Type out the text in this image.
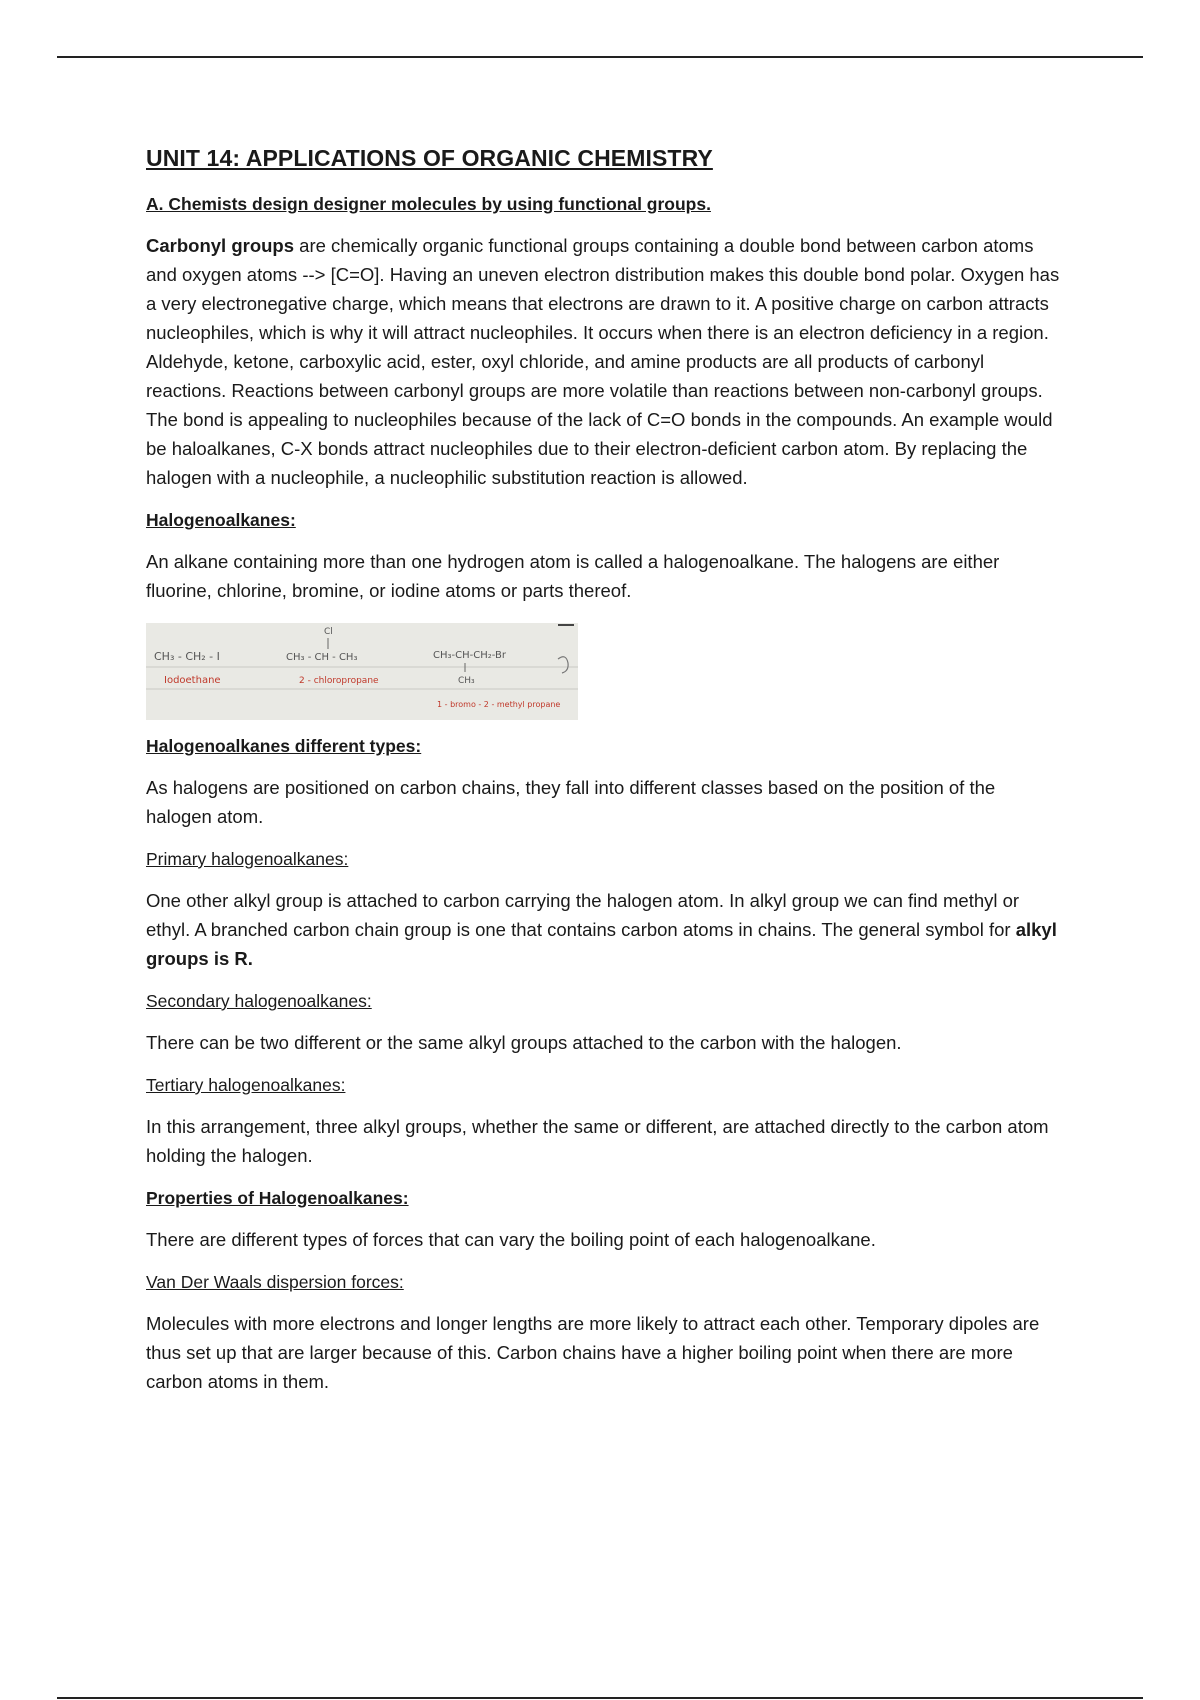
UNIT 14: APPLICATIONS OF ORGANIC CHEMISTRY
A. Chemists design designer molecules by using functional groups.

Carbonyl groups are chemically organic functional groups containing a double bond between carbon atoms and oxygen atoms --> [C=O]. Having an uneven electron distribution makes this double bond polar. Oxygen has a very electronegative charge, which means that electrons are drawn to it. A positive charge on carbon attracts nucleophiles, which is why it will attract nucleophiles. It occurs when there is an electron deficiency in a region. Aldehyde, ketone, carboxylic acid, ester, oxyl chloride, and amine products are all products of carbonyl reactions. Reactions between carbonyl groups are more volatile than reactions between non-carbonyl groups. The bond is appealing to nucleophiles because of the lack of C=O bonds in the compounds. An example would be haloalkanes, C-X bonds attract nucleophiles due to their electron-deficient carbon atom. By replacing the halogen with a nucleophile, a nucleophilic substitution reaction is allowed.

Halogenoalkanes:

An alkane containing more than one hydrogen atom is called a halogenoalkane. The halogens are either fluorine, chlorine, bromine, or iodine atoms or parts thereof.

CH₃ - CH₂ - I
Iodoethane
Cl
CH₃ - CH - CH₃
2 - chloropropane
CH₃-CH-CH₂-Br
CH₃
1 - bromo - 2 - methyl propane
Halogenoalkanes different types:

As halogens are positioned on carbon chains, they fall into different classes based on the position of the halogen atom.

Primary halogenoalkanes:

One other alkyl group is attached to carbon carrying the halogen atom. In alkyl group we can find methyl or ethyl. A branched carbon chain group is one that contains carbon atoms in chains. The general symbol for alkyl groups is R.

Secondary halogenoalkanes:

There can be two different or the same alkyl groups attached to the carbon with the halogen.

Tertiary halogenoalkanes:

In this arrangement, three alkyl groups, whether the same or different, are attached directly to the carbon atom holding the halogen.

Properties of Halogenoalkanes:

There are different types of forces that can vary the boiling point of each halogenoalkane.

Van Der Waals dispersion forces:

Molecules with more electrons and longer lengths are more likely to attract each other. Temporary dipoles are thus set up that are larger because of this. Carbon chains have a higher boiling point when there are more carbon atoms in them.
